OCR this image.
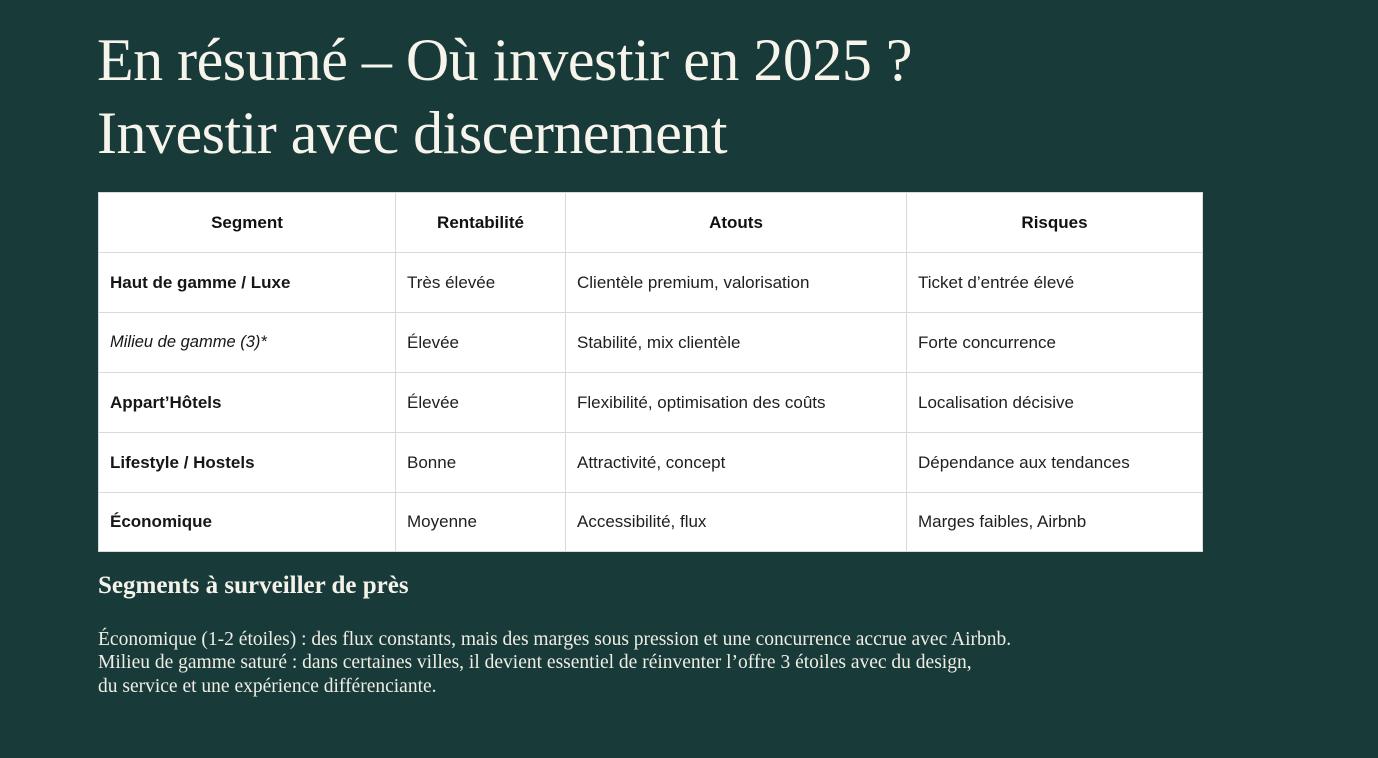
En résumé – Où investir en 2025 ?
Investir avec discernement
Segment	Rentabilité	Atouts	Risques
Haut de gamme / Luxe	Très élevée	Clientèle premium, valorisation	Ticket d’entrée élevé
Milieu de gamme (3)*	Élevée	Stabilité, mix clientèle	Forte concurrence
Appart’Hôtels	Élevée	Flexibilité, optimisation des coûts	Localisation décisive
Lifestyle / Hostels	Bonne	Attractivité, concept	Dépendance aux tendances
Économique	Moyenne	Accessibilité, flux	Marges faibles, Airbnb
Segments à surveiller de près

Économique (1-2 étoiles) : des flux constants, mais des marges sous pression et une concurrence accrue avec Airbnb.
Milieu de gamme saturé : dans certaines villes, il devient essentiel de réinventer l’offre 3 étoiles avec du design,
du service et une expérience différenciante.
